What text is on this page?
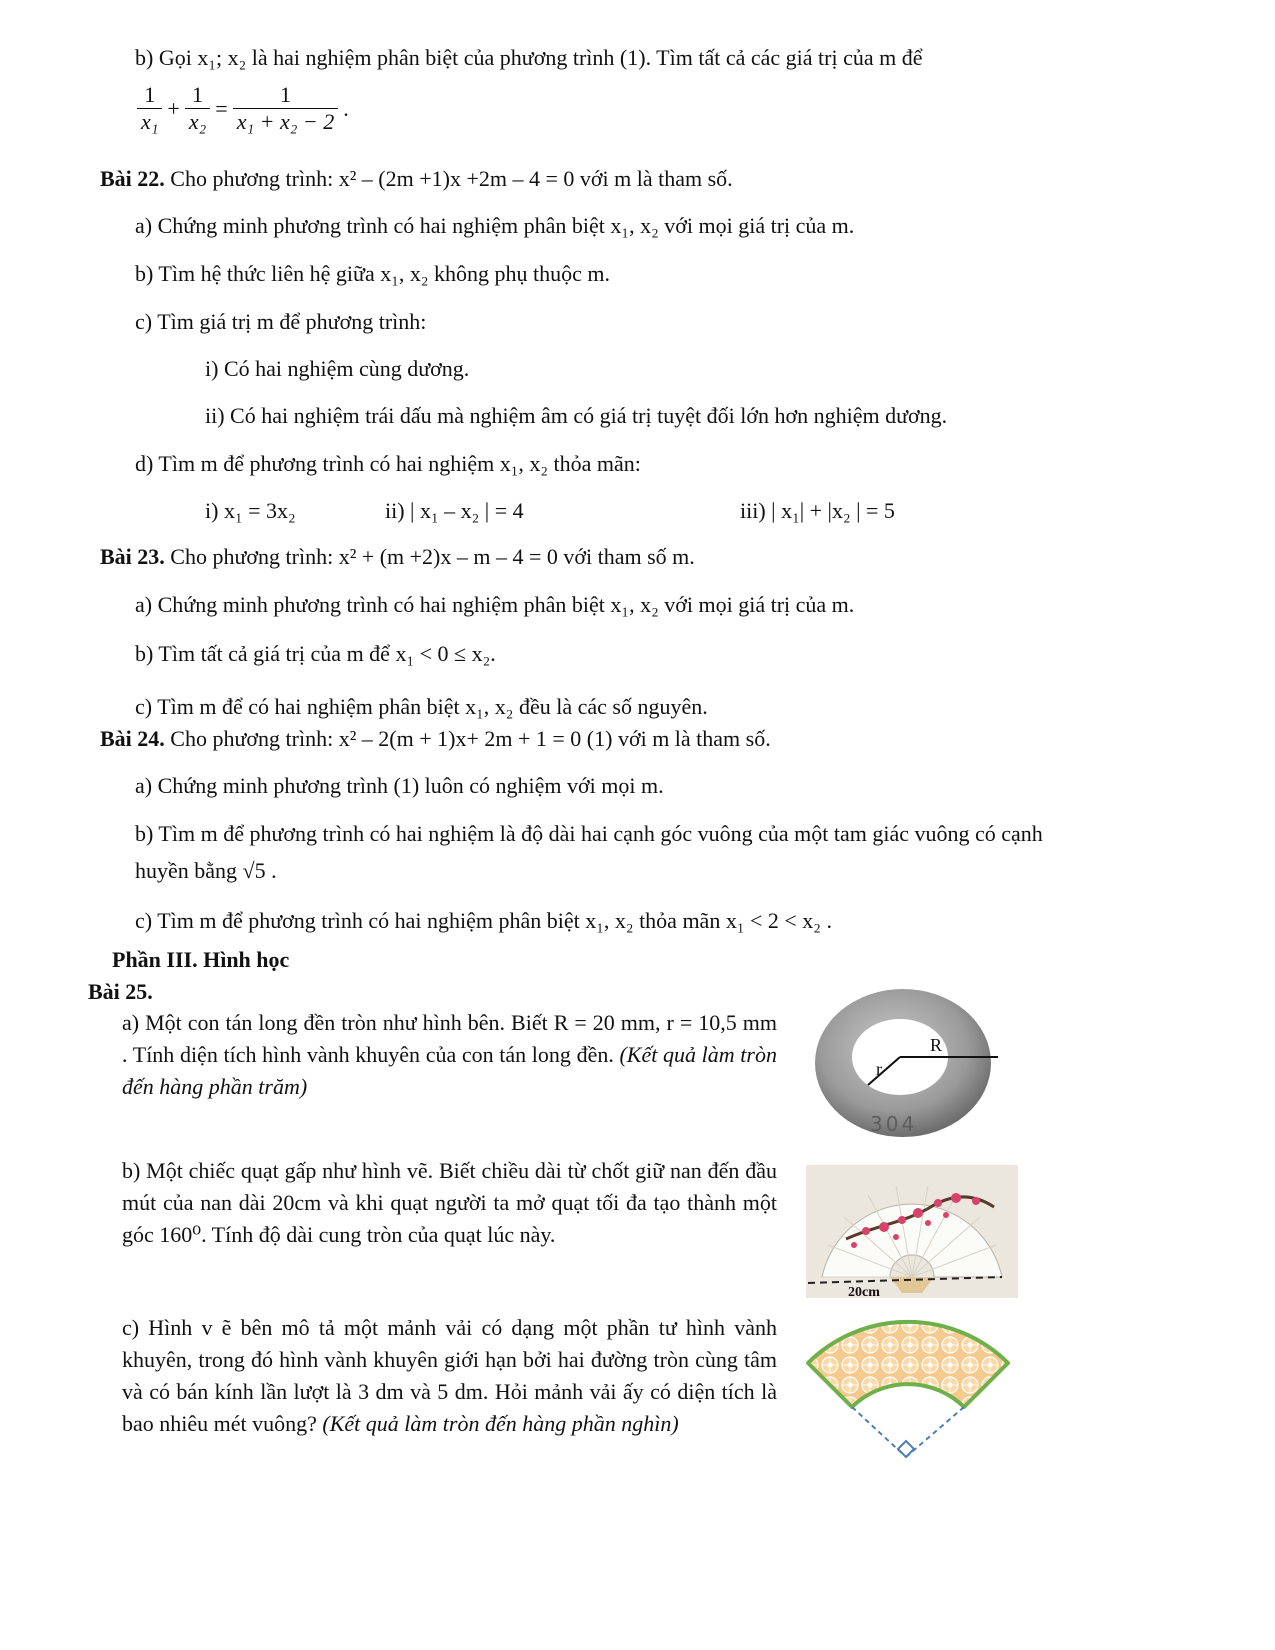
b) Gọi x₁; x₂ là hai nghiệm phân biệt của phương trình (1). Tìm tất cả các giá trị của m để
$\frac{1}{\text{x₁}} + \frac{1}{\text{x₂}} = \frac{1}{\text{x₁ + x₂ − 2}}$ .
Bài 22. Cho phương trình: x² – (2m +1)x +2m – 4 = 0 với m là tham số.
a) Chứng minh phương trình có hai nghiệm phân biệt x₁, x₂ với mọi giá trị của m.
b) Tìm hệ thức liên hệ giữa x₁, x₂ không phụ thuộc m.
c) Tìm giá trị m để phương trình:
i) Có hai nghiệm cùng dương.
ii) Có hai nghiệm trái dấu mà nghiệm âm có giá trị tuyệt đối lớn hơn nghiệm dương.
d) Tìm m để phương trình có hai nghiệm x₁, x₂ thỏa mãn:
i) x₁ = 3x₂	ii) | x₁ – x₂ | = 4	iii) | x₁| + |x₂ | = 5
Bài 23. Cho phương trình: x² + (m +2)x – m – 4 = 0 với tham số m.
a) Chứng minh phương trình có hai nghiệm phân biệt x₁, x₂ với mọi giá trị của m.
b) Tìm tất cả giá trị của m để x₁ < 0 ≤ x₂.
c) Tìm m để có hai nghiệm phân biệt x₁, x₂ đều là các số nguyên.
Bài 24. Cho phương trình: x² – 2(m + 1)x+ 2m + 1 = 0 (1) với m là tham số.
a) Chứng minh phương trình (1) luôn có nghiệm với mọi m.
b) Tìm m để phương trình có hai nghiệm là độ dài hai cạnh góc vuông của một tam giác vuông có cạnh
huyền bằng √5 .
c) Tìm m để phương trình có hai nghiệm phân biệt x₁, x₂ thỏa mãn x₁ < 2 < x₂ .
Phần III. Hình học
Bài 25.
a) Một con tán long đền tròn như hình bên. Biết R = 20 mm, r = 10,5 mm . Tính diện tích hình vành khuyên của con tán long đền. (Kết quả làm tròn đến hàng phần trăm)
R
r
304
b) Một chiếc quạt gấp như hình vẽ. Biết chiều dài từ chốt giữ nan đến đầu mút của nan dài 20cm và khi quạt người ta mở quạt tối đa tạo thành một góc 160⁰. Tính độ dài cung tròn của quạt lúc này.
20cm
c) Hình v ẽ bên mô tả một mảnh vải có dạng một phần tư hình vành khuyên, trong đó hình vành khuyên giới hạn bởi hai đường tròn cùng tâm và có bán kính lần lượt là 3 dm và 5 dm. Hỏi mảnh vải ấy có diện tích là bao nhiêu mét vuông? (Kết quả làm tròn đến hàng phần nghìn)
